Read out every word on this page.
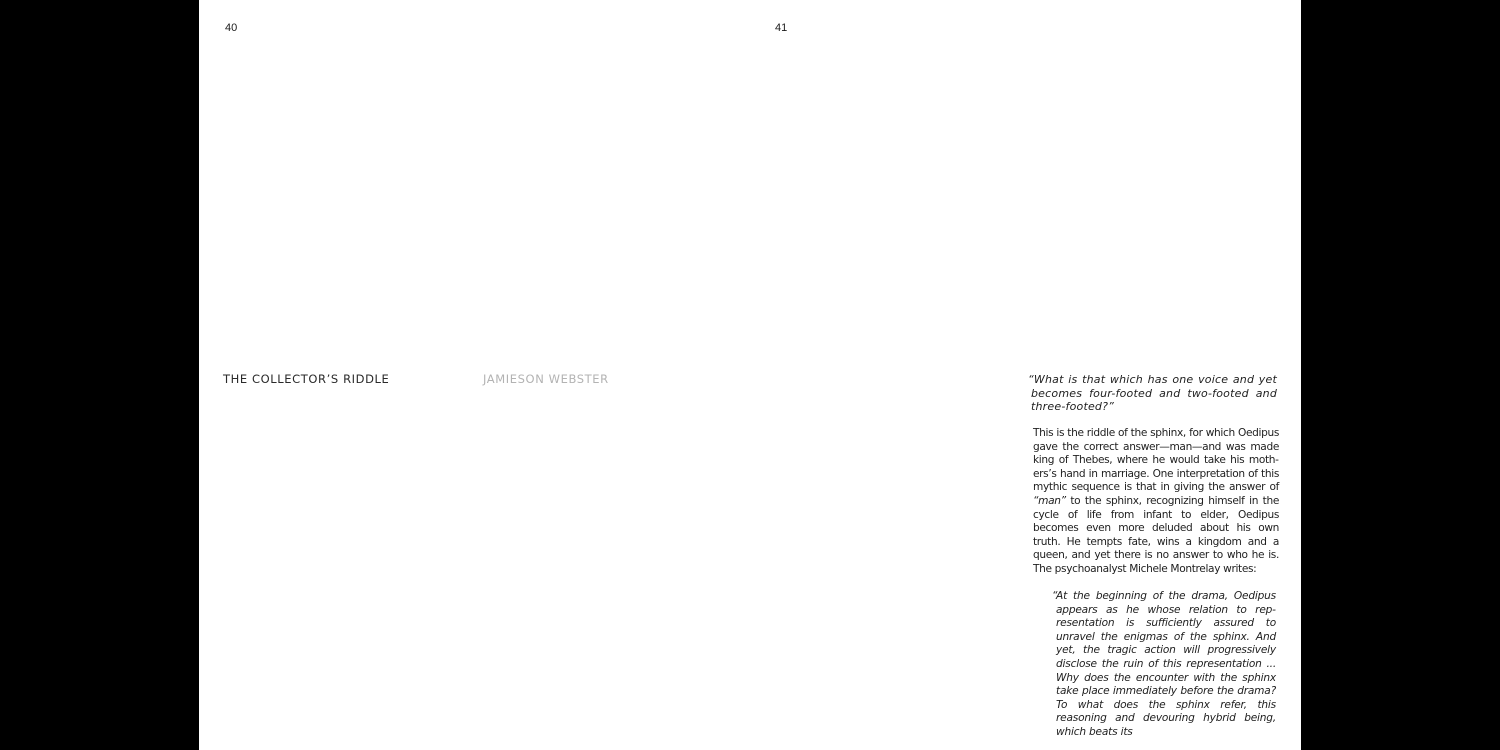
40	41
THE COLLECTOR’S RIDDLE	JAMIESON WEBSTER	“What is that which has one voice and yet becomes four-footed and two-footed and three-footed?”
This is the riddle of the sphinx, for which Oedipus gave the correct answer—man—and was made king of Thebes, where he would take his mothers’s hand in marriage. One interpretation of this mythic sequence is that in giving the answer of “man” to the sphinx, recognizing himself in the cycle of life from infant to elder, Oedipus becomes even more deluded about his own truth. He tempts fate, wins a kingdom and a queen, and yet there is no answer to who he is. The psychoanalyst Michele Montrelay writes:
“At the beginning of the drama, Oedipus appears as he whose relation to representation is sufficiently assured to unravel the enigmas of the sphinx. And yet, the tragic action will progressively disclose the ruin of this representation ... Why does the encounter with the sphinx take place immediately before the drama? To what does the sphinx refer, this reasoning and devouring hybrid being, which beats its
